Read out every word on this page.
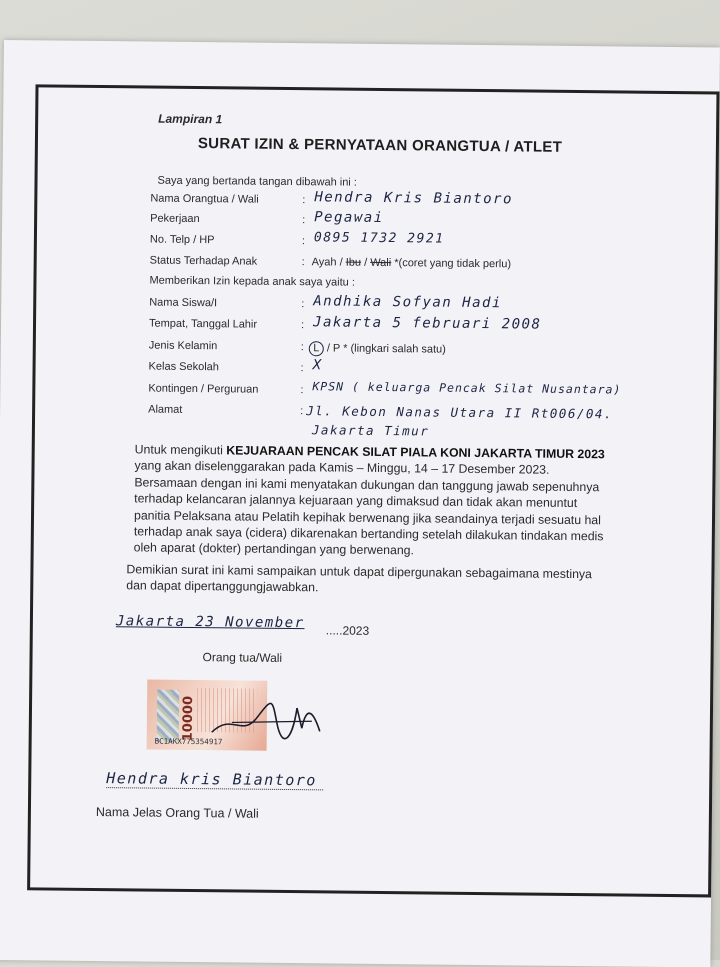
Lampiran 1
SURAT IZIN & PERNYATAAN ORANGTUA / ATLET
Saya yang bertanda tangan dibawah ini :
Nama Orangtua / Wali	: Hendra Kris Biantoro
Pekerjaan	: Pegawai
No. Telp / HP	: 0895 1732 2921
Status Terhadap Anak	: Ayah / Ibu / Wali *(coret yang tidak perlu)
Memberikan Izin kepada anak saya yaitu :
Nama Siswa/I	: Andhika Sofyan Hadi
Tempat, Tanggal Lahir	: Jakarta 5 februari 2008
Jenis Kelamin	: L / P * (lingkari salah satu)
Kelas Sekolah	: X
Kontingen / Perguruan	: KPSN ( keluarga Pencak Silat Nusantara)
Alamat	: Jl. Kebon Nanas Utara II Rt006/04.
Jakarta Timur
Untuk mengikuti KEJUARAAN PENCAK SILAT PIALA KONI JAKARTA TIMUR 2023
yang akan diselenggarakan pada Kamis – Minggu, 14 – 17 Desember 2023.
Bersamaan dengan ini kami menyatakan dukungan dan tanggung jawab sepenuhnya
terhadap kelancaran jalannya kejuaraan yang dimaksud dan tidak akan menuntut
panitia Pelaksana atau Pelatih kepihak berwenang jika seandainya terjadi sesuatu hal
terhadap anak saya (cidera) dikarenakan bertanding setelah dilakukan tindakan medis
oleh aparat (dokter) pertandingan yang berwenang.
Demikian surat ini kami sampaikan untuk dapat dipergunakan sebagaimana mestinya
dan dapat dipertanggungjawabkan.
Jakarta 23 November .....2023
Orang tua/Wali
10000
BC1AKX775354917
Hendra kris Biantoro
Nama Jelas Orang Tua / Wali
